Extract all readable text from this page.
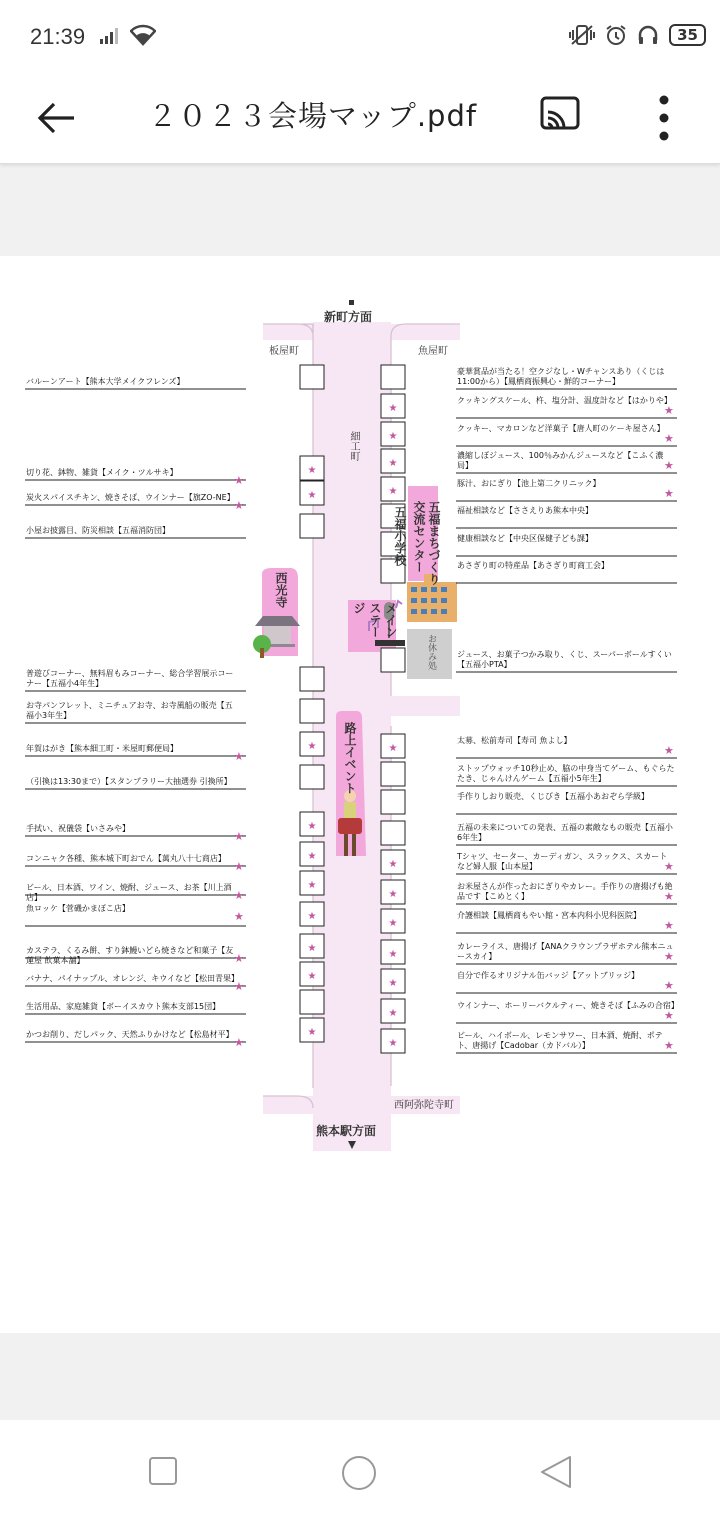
21:39	35
２０２３会場マップ.pdf
★
★
★
★
★
★
★
★
★
★
★
★
★
★
★
★
★
★
★
★
★
★
新町方面
板屋町	魚屋町
細工町
西光寺
メインステージ
五福まちづくり交流センター
五福小学校
お休み処
路上イベント
西阿弥陀寺町
熊本駅方面
バルーンアート【熊本大学メイクフレンズ】
切り花、鉢物、雑貨【メイク・ツルサキ】
★
炭火スパイスチキン、焼きそば、ウインナー【旗ZO-NE】
★
小屋お披露目、防災相談【五福消防団】
普遊びコーナー、無料眉もみコーナー、総合学習展示コーナー【五福小4年生】
お寺パンフレット、ミニチュアお寺、お寺風船の販売【五福小3年生】
年賀はがき【熊本細工町・米屋町郵便局】
★
（引換は13:30まで）【スタンプラリー大抽選券 引換所】
手拭い、祝儀袋【いさみや】
★
コンニャク各種、熊本城下町おでん【萬丸八十七商店】
★
ビール、日本酒、ワイン、焼酎、ジュース、お茶【川上酒店】	★
魚ロッケ【菅磯かまぼこ店】
★
カステラ、くるみ餅、すり鉢鰻いどら焼きなど和菓子【友蓮屋 飲菓本舗】	★
バナナ、パイナップル、オレンジ、キウイなど【松田青果】
★
生活用品、家庭雑貨【ボーイスカウト熊本支部15団】
かつお削り、だしパック、天然ふりかけなど【松島材平】
★
豪華賞品が当たる！空クジなし・Wチャンスあり（くじは11:00から）【鳳栖商振興心・鮮的コーナー】
クッキングスケール、杵、塩分計、温度計など【はかりや】
★
クッキー、マカロンなど洋菓子【唐人町のケーキ屋さん】
★
濃縮しぼジュース、100％みかんジュースなど【こふく濃局】	★
豚汁、おにぎり【池上第二クリニック】
★
福祉相談など【ささえりあ熊本中央】
健康相談など【中央区保健子ども課】
あさぎり町の特産品【あさぎり町商工会】
ジュース、お菓子つかみ取り、くじ、スーパーボールすくい【五福小PTA】
太募、松前寿司【寿司 魚よし】
★
ストップウォッチ10秒止め、脇の中身当てゲーム、もぐらたたき、じゃんけんゲーム【五福小5年生】
手作りしおり販売、くじびき【五福小あおぞら学級】
五福の未来についての発表、五福の素敵なもの販売【五福小6年生】
Tシャツ、セーター、カーディガン、スラックス、スカートなど婦人服【山本屋】	★
お米屋さんが作ったおにぎりやカレー。手作りの唐揚げも絶品です【こめとく】	★
介護相談【鳳栖商もやい館・宮本内科小児科医院】
★
カレーライス、唐揚げ【ANAクラウンプラザホテル熊本ニュースカイ】	★
自分で作るオリジナル缶バッジ【アットブリッジ】
★
ウインナー、ホーリーバクルティー、焼きそば【ふみの合宿】
★
ビール、ハイボール、レモンサワー、日本酒、焼酎、ポテト、唐揚げ【Cadobar（カドバル）】	★
